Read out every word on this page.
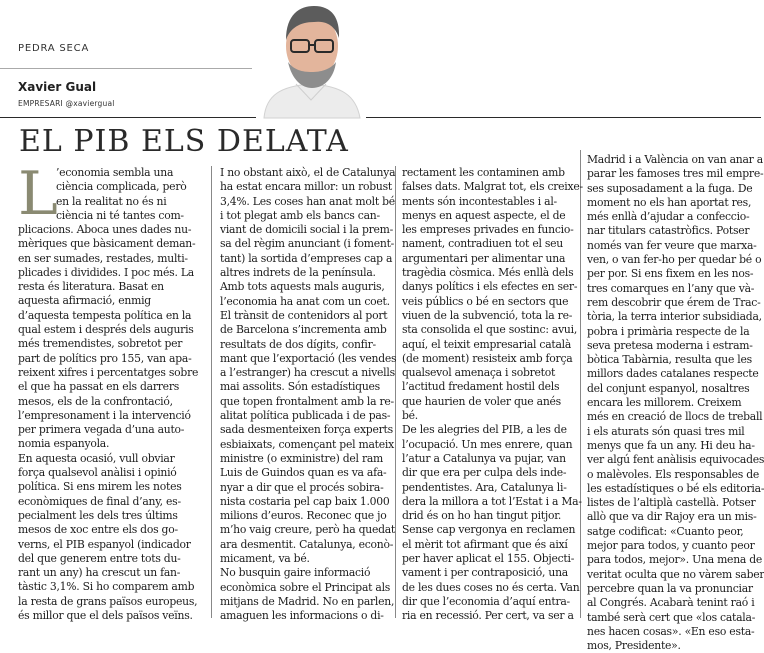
PEDRA SECA

Xavier Gual

EMPRESARI @xaviergual

EL PIB ELS DELATA
L
’economia sembla una
ciència complicada, però
en la realitat no és ni
ciència ni té tantes com-
plicacions. Aboca unes dades nu-
mèriques que bàsicament deman-
en ser sumades, restades, multi-
plicades i dividides. I poc més. La
resta és literatura. Basat en
aquesta afirmació, enmig
d’aquesta tempesta política en la
qual estem i després dels auguris
més tremendistes, sobretot per
part de polítics pro 155, van apa-
reixent xifres i percentatges sobre
el que ha passat en els darrers
mesos, els de la confrontació,
l’empresonament i la intervenció
per primera vegada d’una auto-
nomia espanyola.
En aquesta ocasió, vull obviar
força qualsevol anàlisi i opinió
política. Si ens mirem les notes
econòmiques de final d’any, es-
pecialment les dels tres últims
mesos de xoc entre els dos go-
verns, el PIB espanyol (indicador
del que generem entre tots du-
rant un any) ha crescut un fan-
tàstic 3,1%. Si ho comparem amb
la resta de grans països europeus,
és millor que el dels països veïns.
I no obstant això, el de Catalunya
ha estat encara millor: un robust
3,4%. Les coses han anat molt bé
i tot plegat amb els bancs can-
viant de domicili social i la prem-
sa del règim anunciant (i foment-
tant) la sortida d’empreses cap a
altres indrets de la península.
Amb tots aquests mals auguris,
l’economia ha anat com un coet.
El trànsit de contenidors al port
de Barcelona s’incrementa amb
resultats de dos dígits, confir-
mant que l’exportació (les vendes
a l’estranger) ha crescut a nivells
mai assolits. Són estadístiques
que topen frontalment amb la re-
alitat política publicada i de pas-
sada desmenteixen força experts
esbiaixats, començant pel mateix
ministre (o exministre) del ram
Luis de Guindos quan es va afa-
nyar a dir que el procés sobira-
nista costaria pel cap baix 1.000
milions d’euros. Reconec que jo
m’ho vaig creure, però ha quedat
ara desmentit. Catalunya, econò-
micament, va bé.
No busquin gaire informació
econòmica sobre el Principat als
mitjans de Madrid. No en parlen,
amaguen les informacions o di-
rectament les contaminen amb
falses dats. Malgrat tot, els creixe-
ments són incontestables i al-
menys en aquest aspecte, el de
les empreses privades en funcio-
nament, contradiuen tot el seu
argumentari per alimentar una
tragèdia còsmica. Més enllà dels
danys polítics i els efectes en ser-
veis públics o bé en sectors que
viuen de la subvenció, tota la re-
sta consolida el que sostinc: avui,
aquí, el teixit empresarial català
(de moment) resisteix amb força
qualsevol amenaça i sobretot
l’actitud fredament hostil dels
que haurien de voler que anés
bé.
De les alegries del PIB, a les de
l’ocupació. Un mes enrere, quan
l’atur a Catalunya va pujar, van
dir que era per culpa dels inde-
pendentistes. Ara, Catalunya li-
dera la millora a tot l’Estat i a Ma-
drid és on ho han tingut pitjor.
Sense cap vergonya en reclamen
el mèrit tot afirmant que és així
per haver aplicat el 155. Objecti-
vament i per contraposició, una
de les dues coses no és certa. Van
dir que l’economia d’aquí entra-
ria en recessió. Per cert, va ser a
Madrid i a València on van anar a
parar les famoses tres mil empre-
ses suposadament a la fuga. De
moment no els han aportat res,
més enllà d’ajudar a confeccio-
nar titulars catastròfics. Potser
només van fer veure que marxa-
ven, o van fer-ho per quedar bé o
per por. Si ens fixem en les nos-
tres comarques en l’any que và-
rem descobrir que érem de Trac-
tòria, la terra interior subsidiada,
pobra i primària respecte de la
seva pretesa moderna i estram-
bòtica Tabàrnia, resulta que les
millors dades catalanes respecte
del conjunt espanyol, nosaltres
encara les millorem. Creixem
més en creació de llocs de treball
i els aturats són quasi tres mil
menys que fa un any. Hi deu ha-
ver algú fent anàlisis equivocades
o malèvoles. Els responsables de
les estadístiques o bé els editoria-
listes de l’altiplà castellà. Potser
allò que va dir Rajoy era un mis-
satge codificat: «Cuanto peor,
mejor para todos, y cuanto peor
para todos, mejor». Una mena de
veritat oculta que no vàrem saber
percebre quan la va pronunciar
al Congrés. Acabarà tenint raó i
també serà cert que «los catala-
nes hacen cosas». «En eso esta-
mos, Presidente».
